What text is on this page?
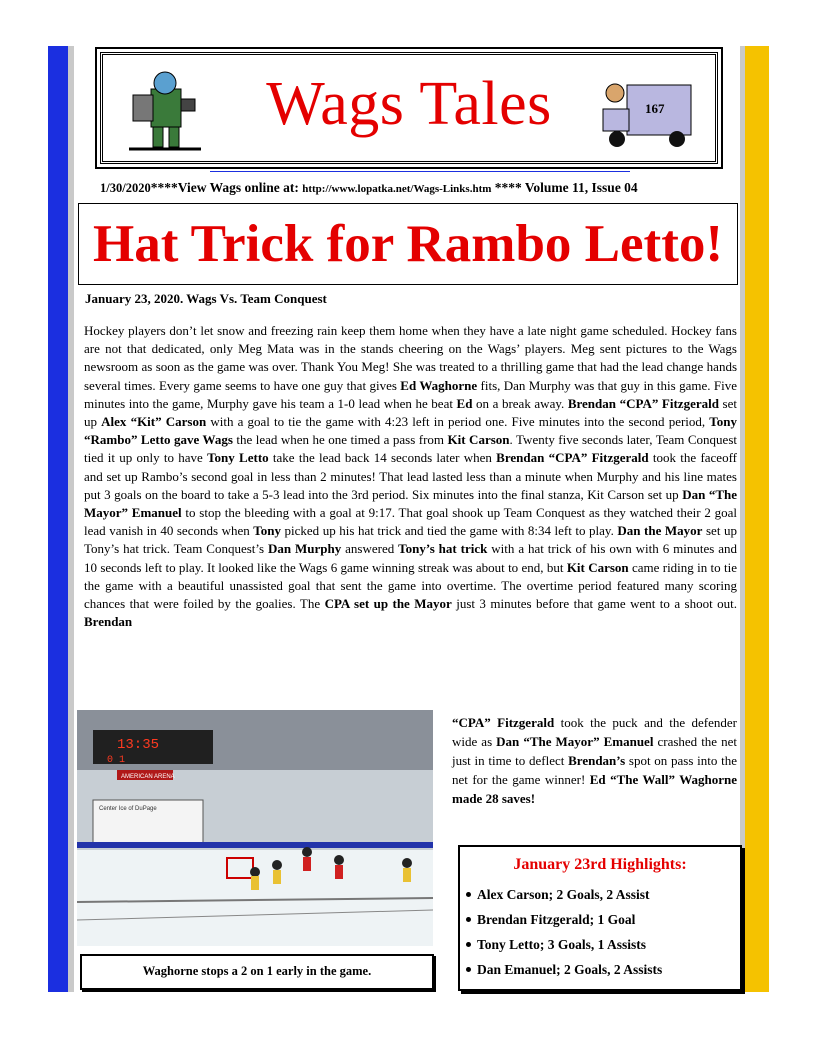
Wags Tales	167
1/30/2020****View Wags online at: http://www.lopatka.net/Wags-Links.htm **** Volume 11, Issue 04
Hat Trick for Rambo Letto!
January 23, 2020. Wags Vs. Team Conquest
Hockey players don’t let snow and freezing rain keep them home when they have a late night game scheduled. Hockey fans are not that dedicated, only Meg Mata was in the stands cheering on the Wags’ players. Meg sent pictures to the Wags newsroom as soon as the game was over. Thank You Meg! She was treated to a thrilling game that had the lead change hands several times. Every game seems to have one guy that gives Ed Waghorne fits, Dan Murphy was that guy in this game. Five minutes into the game, Murphy gave his team a 1-0 lead when he beat Ed on a break away. Brendan “CPA” Fitzgerald set up Alex “Kit” Carson with a goal to tie the game with 4:23 left in period one. Five minutes into the second period, Tony “Rambo” Letto gave Wags the lead when he one timed a pass from Kit Carson. Twenty five seconds later, Team Conquest tied it up only to have Tony Letto take the lead back 14 seconds later when Brendan “CPA” Fitzgerald took the faceoff and set up Rambo’s second goal in less than 2 minutes! That lead lasted less than a minute when Murphy and his line mates put 3 goals on the board to take a 5-3 lead into the 3rd period. Six minutes into the final stanza, Kit Carson set up Dan “The Mayor” Emanuel to stop the bleeding with a goal at 9:17. That goal shook up Team Conquest as they watched their 2 goal lead vanish in 40 seconds when Tony picked up his hat trick and tied the game with 8:34 left to play. Dan the Mayor set up Tony’s hat trick. Team Conquest’s Dan Murphy answered Tony’s hat trick with a hat trick of his own with 6 minutes and 10 seconds left to play. It looked like the Wags 6 game winning streak was about to end, but Kit Carson came riding in to tie the game with a beautiful unassisted goal that sent the game into overtime. The overtime period featured many scoring chances that were foiled by the goalies. The CPA set up the Mayor just 3 minutes before that game went to a shoot out. Brendan
13:35
0 1
AMERICAN ARENA
Center Ice of DuPage
Waghorne stops a 2 on 1 early in the game.
“CPA” Fitzgerald took the puck and the defender wide as Dan “The Mayor” Emanuel crashed the net just in time to deflect Brendan’s spot on pass into the net for the game winner! Ed “The Wall” Waghorne made 28 saves!
January 23rd Highlights:
Alex Carson; 2 Goals, 2 Assist
Brendan Fitzgerald; 1 Goal
Tony Letto; 3 Goals, 1 Assists
Dan Emanuel; 2 Goals, 2 Assists
